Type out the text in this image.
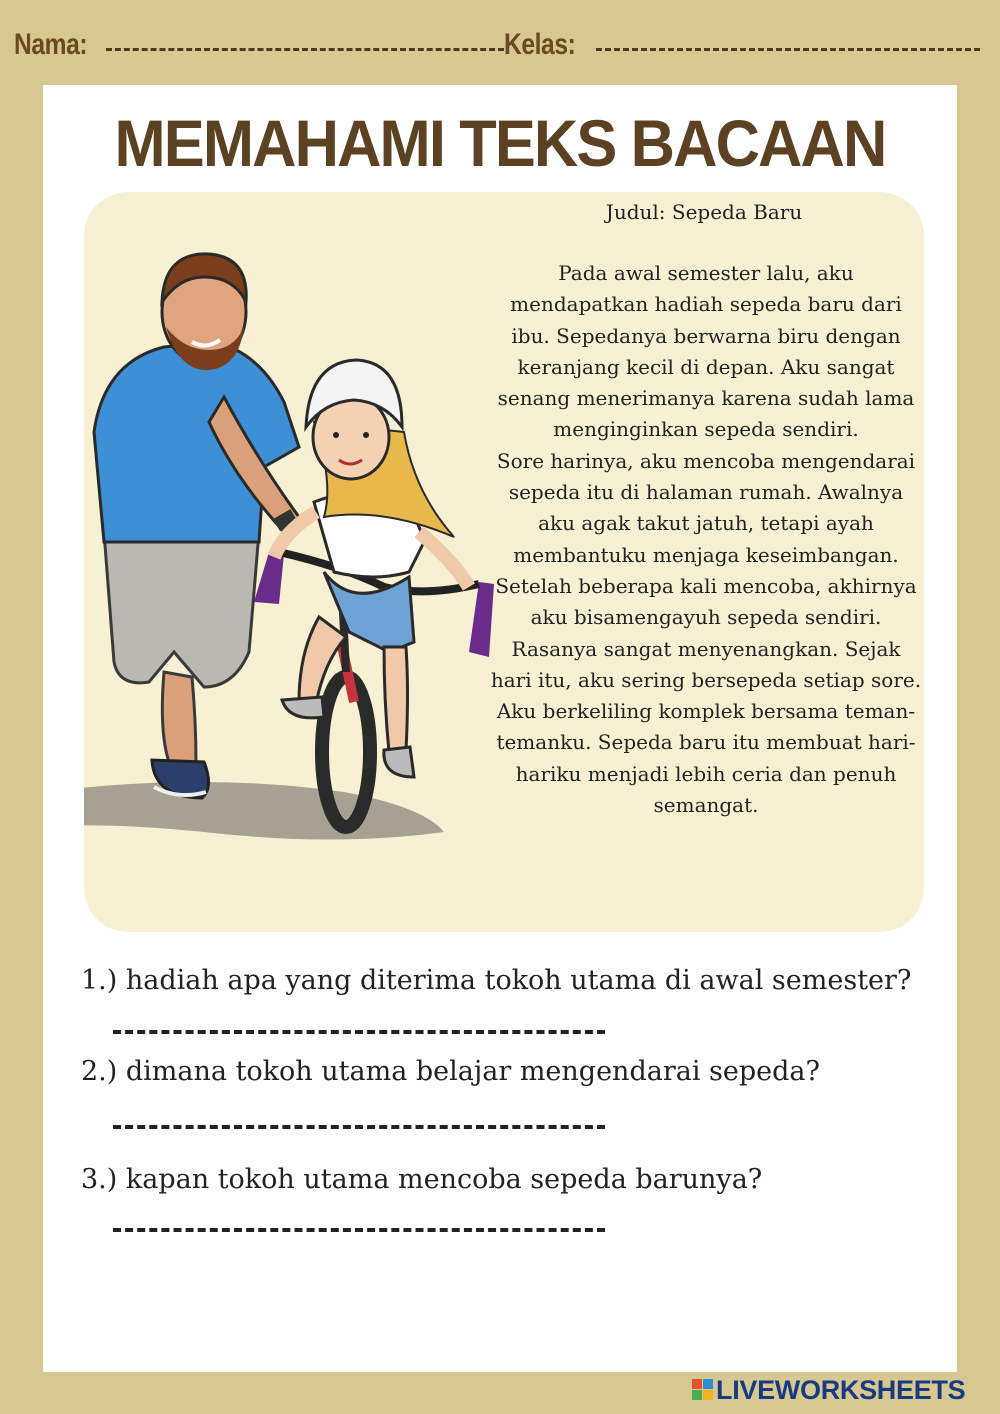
Nama:	Kelas:
MEMAHAMI TEKS BACAAN
Judul: Sepeda Baru

Pada awal semester lalu, aku mendapatkan hadiah sepeda baru dari ibu. Sepedanya berwarna biru dengan keranjang kecil di depan. Aku sangat senang menerimanya karena sudah lama menginginkan sepeda sendiri.

Sore harinya, aku mencoba mengendarai sepeda itu di halaman rumah. Awalnya aku agak takut jatuh, tetapi ayah membantuku menjaga keseimbangan. Setelah beberapa kali mencoba, akhirnya aku bisamengayuh sepeda sendiri. Rasanya sangat menyenangkan. Sejak hari itu, aku sering bersepeda setiap sore. Aku berkeliling komplek bersama teman-temanku. Sepeda baru itu membuat hari-hariku menjadi lebih ceria dan penuh semangat.

1.) hadiah apa yang diterima tokoh utama di awal semester?
2.) dimana tokoh utama belajar mengendarai sepeda?
3.) kapan tokoh utama mencoba sepeda barunya?
LIVEWORKSHEETS
